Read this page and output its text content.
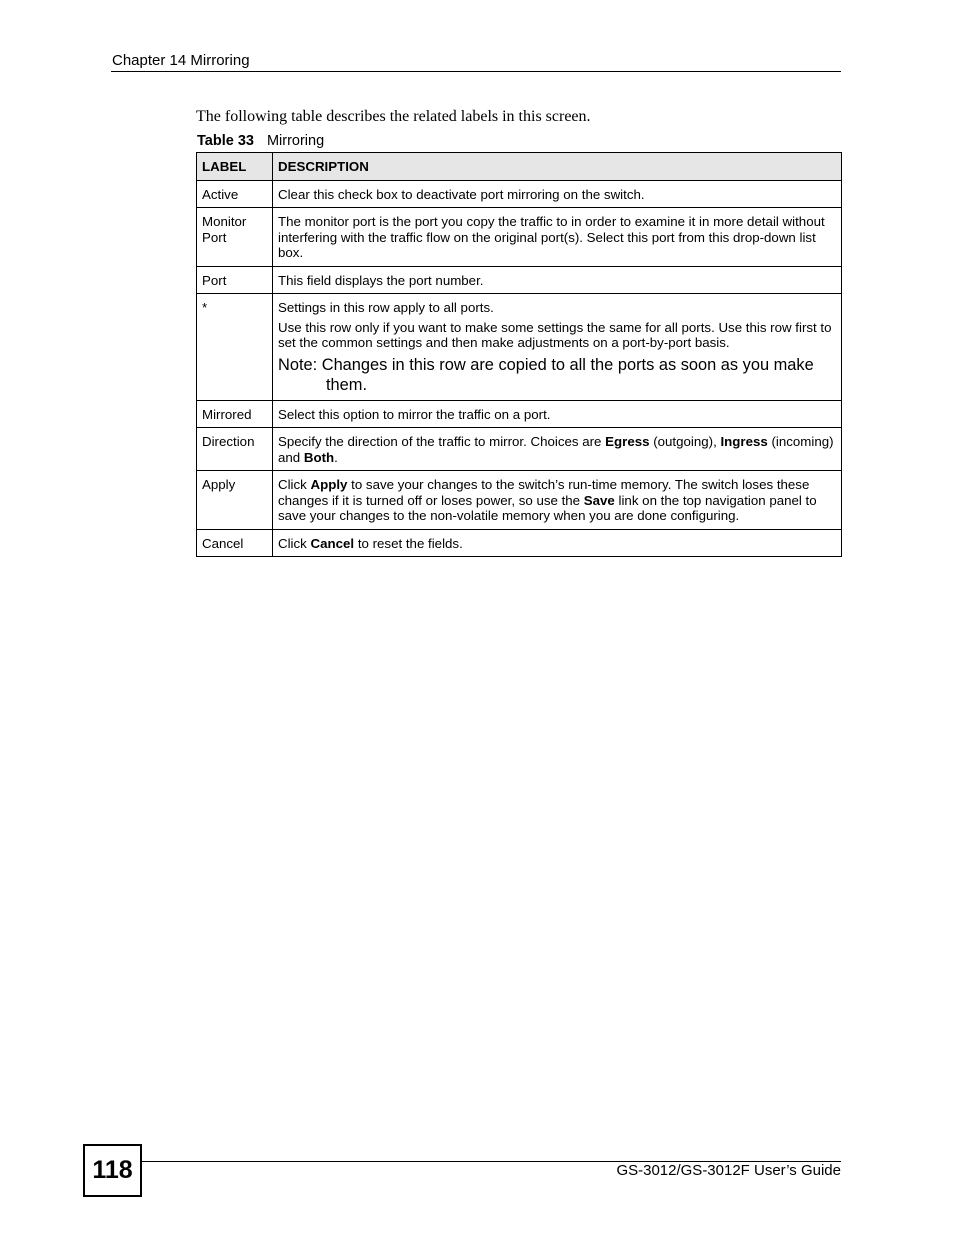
Chapter 14 Mirroring
The following table describes the related labels in this screen.
Table 33 Mirroring
LABEL	DESCRIPTION
Active	Clear this check box to deactivate port mirroring on the switch.

Monitor
Port	The monitor port is the port you copy the traffic to in order to examine it in more detail without interfering with the traffic flow on the original port(s). Select this port from this drop-down list box.
Port	This field displays the port number.
*	Settings in this row apply to all ports.

Use this row only if you want to make some settings the same for all ports. Use this row first to set the common settings and then make adjustments on a port-by-port basis.

Note: Changes in this row are copied to all the ports as soon as you make them.

Mirrored	Select this option to mirror the traffic on a port.
Direction	Specify the direction of the traffic to mirror. Choices are Egress (outgoing), Ingress (incoming) and Both.
Apply	Click Apply to save your changes to the switch’s run-time memory. The switch loses these changes if it is turned off or loses power, so use the Save link on the top navigation panel to save your changes to the non-volatile memory when you are done configuring.
Cancel	Click Cancel to reset the fields.
118	GS-3012/GS-3012F User’s Guide
